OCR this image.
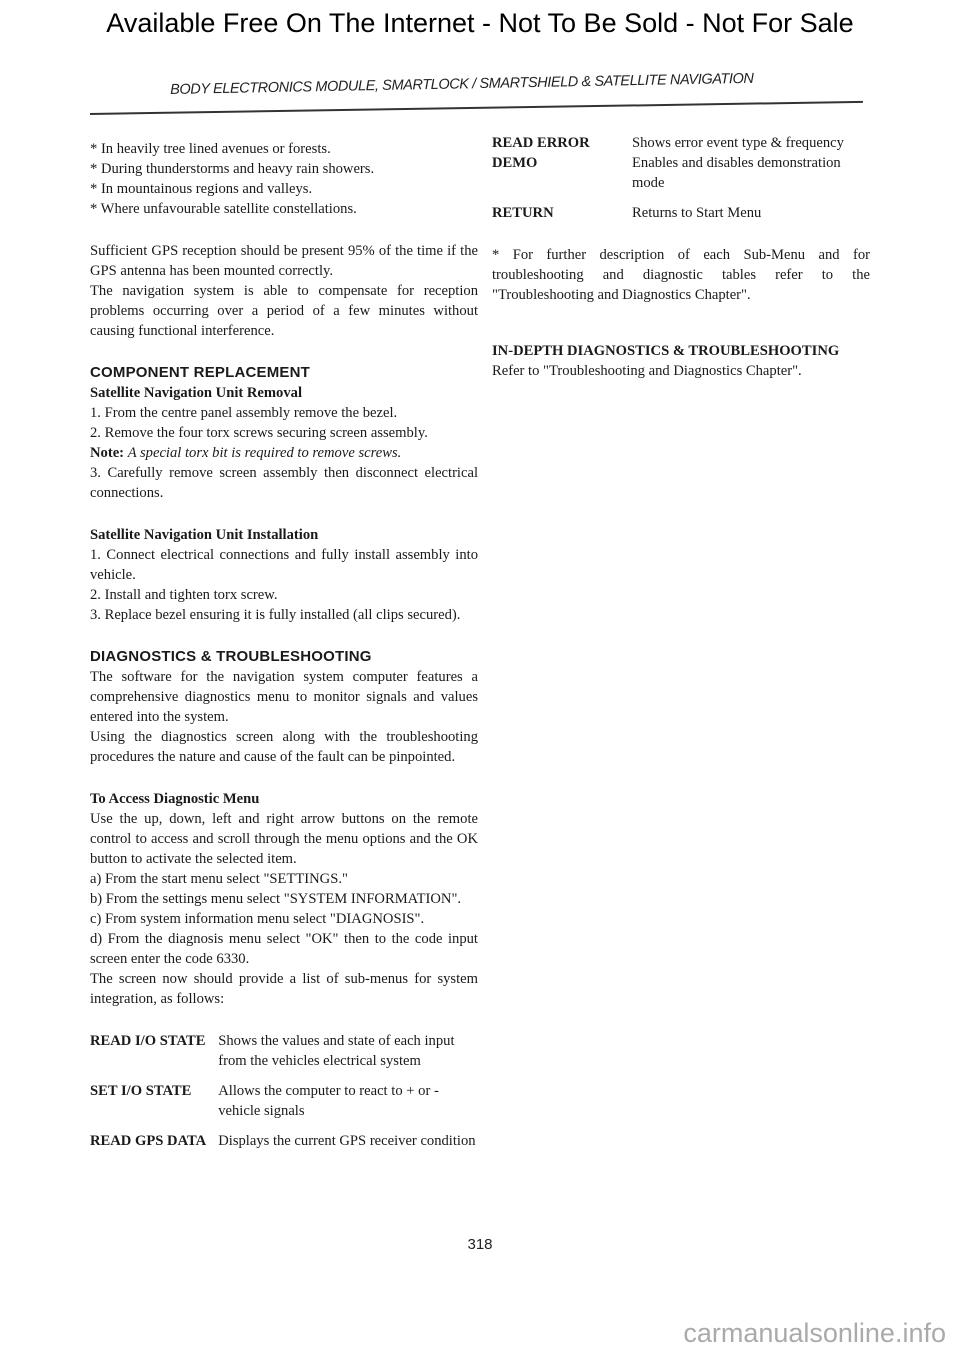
Available Free On The Internet - Not To Be Sold - Not For Sale
BODY ELECTRONICS MODULE, SMARTLOCK / SMARTSHIELD & SATELLITE NAVIGATION

* In heavily tree lined avenues or forests.

* During thunderstorms and heavy rain showers.

* In mountainous regions and valleys.

* Where unfavourable satellite constellations.

Sufficient GPS reception should be present 95% of the time if the GPS antenna has been mounted correctly.

The navigation system is able to compensate for reception problems occurring over a period of a few minutes without causing functional interference.

COMPONENT REPLACEMENT

Satellite Navigation Unit Removal

1. From the centre panel assembly remove the bezel.

2. Remove the four torx screws securing screen assembly.

Note: A special torx bit is required to remove screws.

3. Carefully remove screen assembly then disconnect electrical connections.

Satellite Navigation Unit Installation

1. Connect electrical connections and fully install assembly into vehicle.

2. Install and tighten torx screw.

3. Replace bezel ensuring it is fully installed (all clips secured).

DIAGNOSTICS & TROUBLESHOOTING

The software for the navigation system computer features a comprehensive diagnostics menu to monitor signals and values entered into the system.

Using the diagnostics screen along with the troubleshooting procedures the nature and cause of the fault can be pinpointed.

To Access Diagnostic Menu

Use the up, down, left and right arrow buttons on the remote control to access and scroll through the menu options and the OK button to activate the selected item.

a) From the start menu select "SETTINGS."

b) From the settings menu select "SYSTEM INFORMATION".

c) From system information menu select "DIAGNOSIS".

d) From the diagnosis menu select "OK" then to the code input screen enter the code 6330.

The screen now should provide a list of sub-menus for system integration, as follows:

READ I/O STATE	Shows the values and state of each input from the vehicles electrical system
SET I/O STATE	Allows the computer to react to + or - vehicle signals
READ GPS DATA	Displays the current GPS receiver condition
READ ERROR	Shows error event type & frequency
DEMO	Enables and disables demonstration mode
RETURN	Returns to Start Menu

* For further description of each Sub-Menu and for troubleshooting and diagnostic tables refer to the "Troubleshooting and Diagnostics Chapter".

IN-DEPTH DIAGNOSTICS & TROUBLESHOOTING

Refer to "Troubleshooting and Diagnostics Chapter".

318
carmanualsonline.info
